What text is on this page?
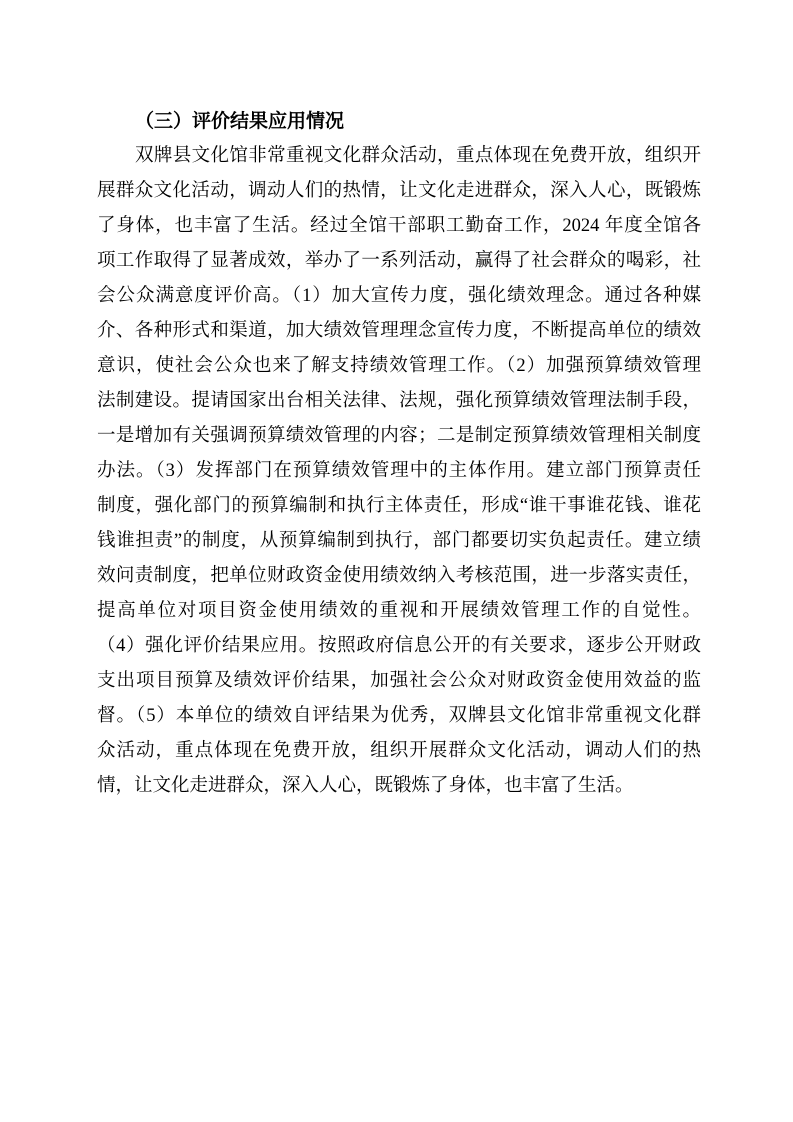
（三）评价结果应用情况
双牌县文化馆非常重视文化群众活动，重点体现在免费开放，组织开
展群众文化活动，调动人们的热情，让文化走进群众，深入人心，既锻炼
了身体，也丰富了生活。经过全馆干部职工勤奋工作，2024 年度全馆各
项工作取得了显著成效，举办了一系列活动，赢得了社会群众的喝彩，社
会公众满意度评价高。（1）加大宣传力度，强化绩效理念。通过各种媒
介、各种形式和渠道，加大绩效管理理念宣传力度，不断提高单位的绩效
意识，使社会公众也来了解支持绩效管理工作。（2）加强预算绩效管理
法制建设。提请国家出台相关法律、法规，强化预算绩效管理法制手段，
一是增加有关强调预算绩效管理的内容；二是制定预算绩效管理相关制度
办法。（3）发挥部门在预算绩效管理中的主体作用。建立部门预算责任
制度，强化部门的预算编制和执行主体责任，形成“谁干事谁花钱、谁花
钱谁担责”的制度，从预算编制到执行，部门都要切实负起责任。建立绩
效问责制度，把单位财政资金使用绩效纳入考核范围，进一步落实责任，
提高单位对项目资金使用绩效的重视和开展绩效管理工作的自觉性。
（4）强化评价结果应用。按照政府信息公开的有关要求，逐步公开财政
支出项目预算及绩效评价结果，加强社会公众对财政资金使用效益的监
督。（5）本单位的绩效自评结果为优秀，双牌县文化馆非常重视文化群
众活动，重点体现在免费开放，组织开展群众文化活动，调动人们的热
情，让文化走进群众，深入人心，既锻炼了身体，也丰富了生活。
